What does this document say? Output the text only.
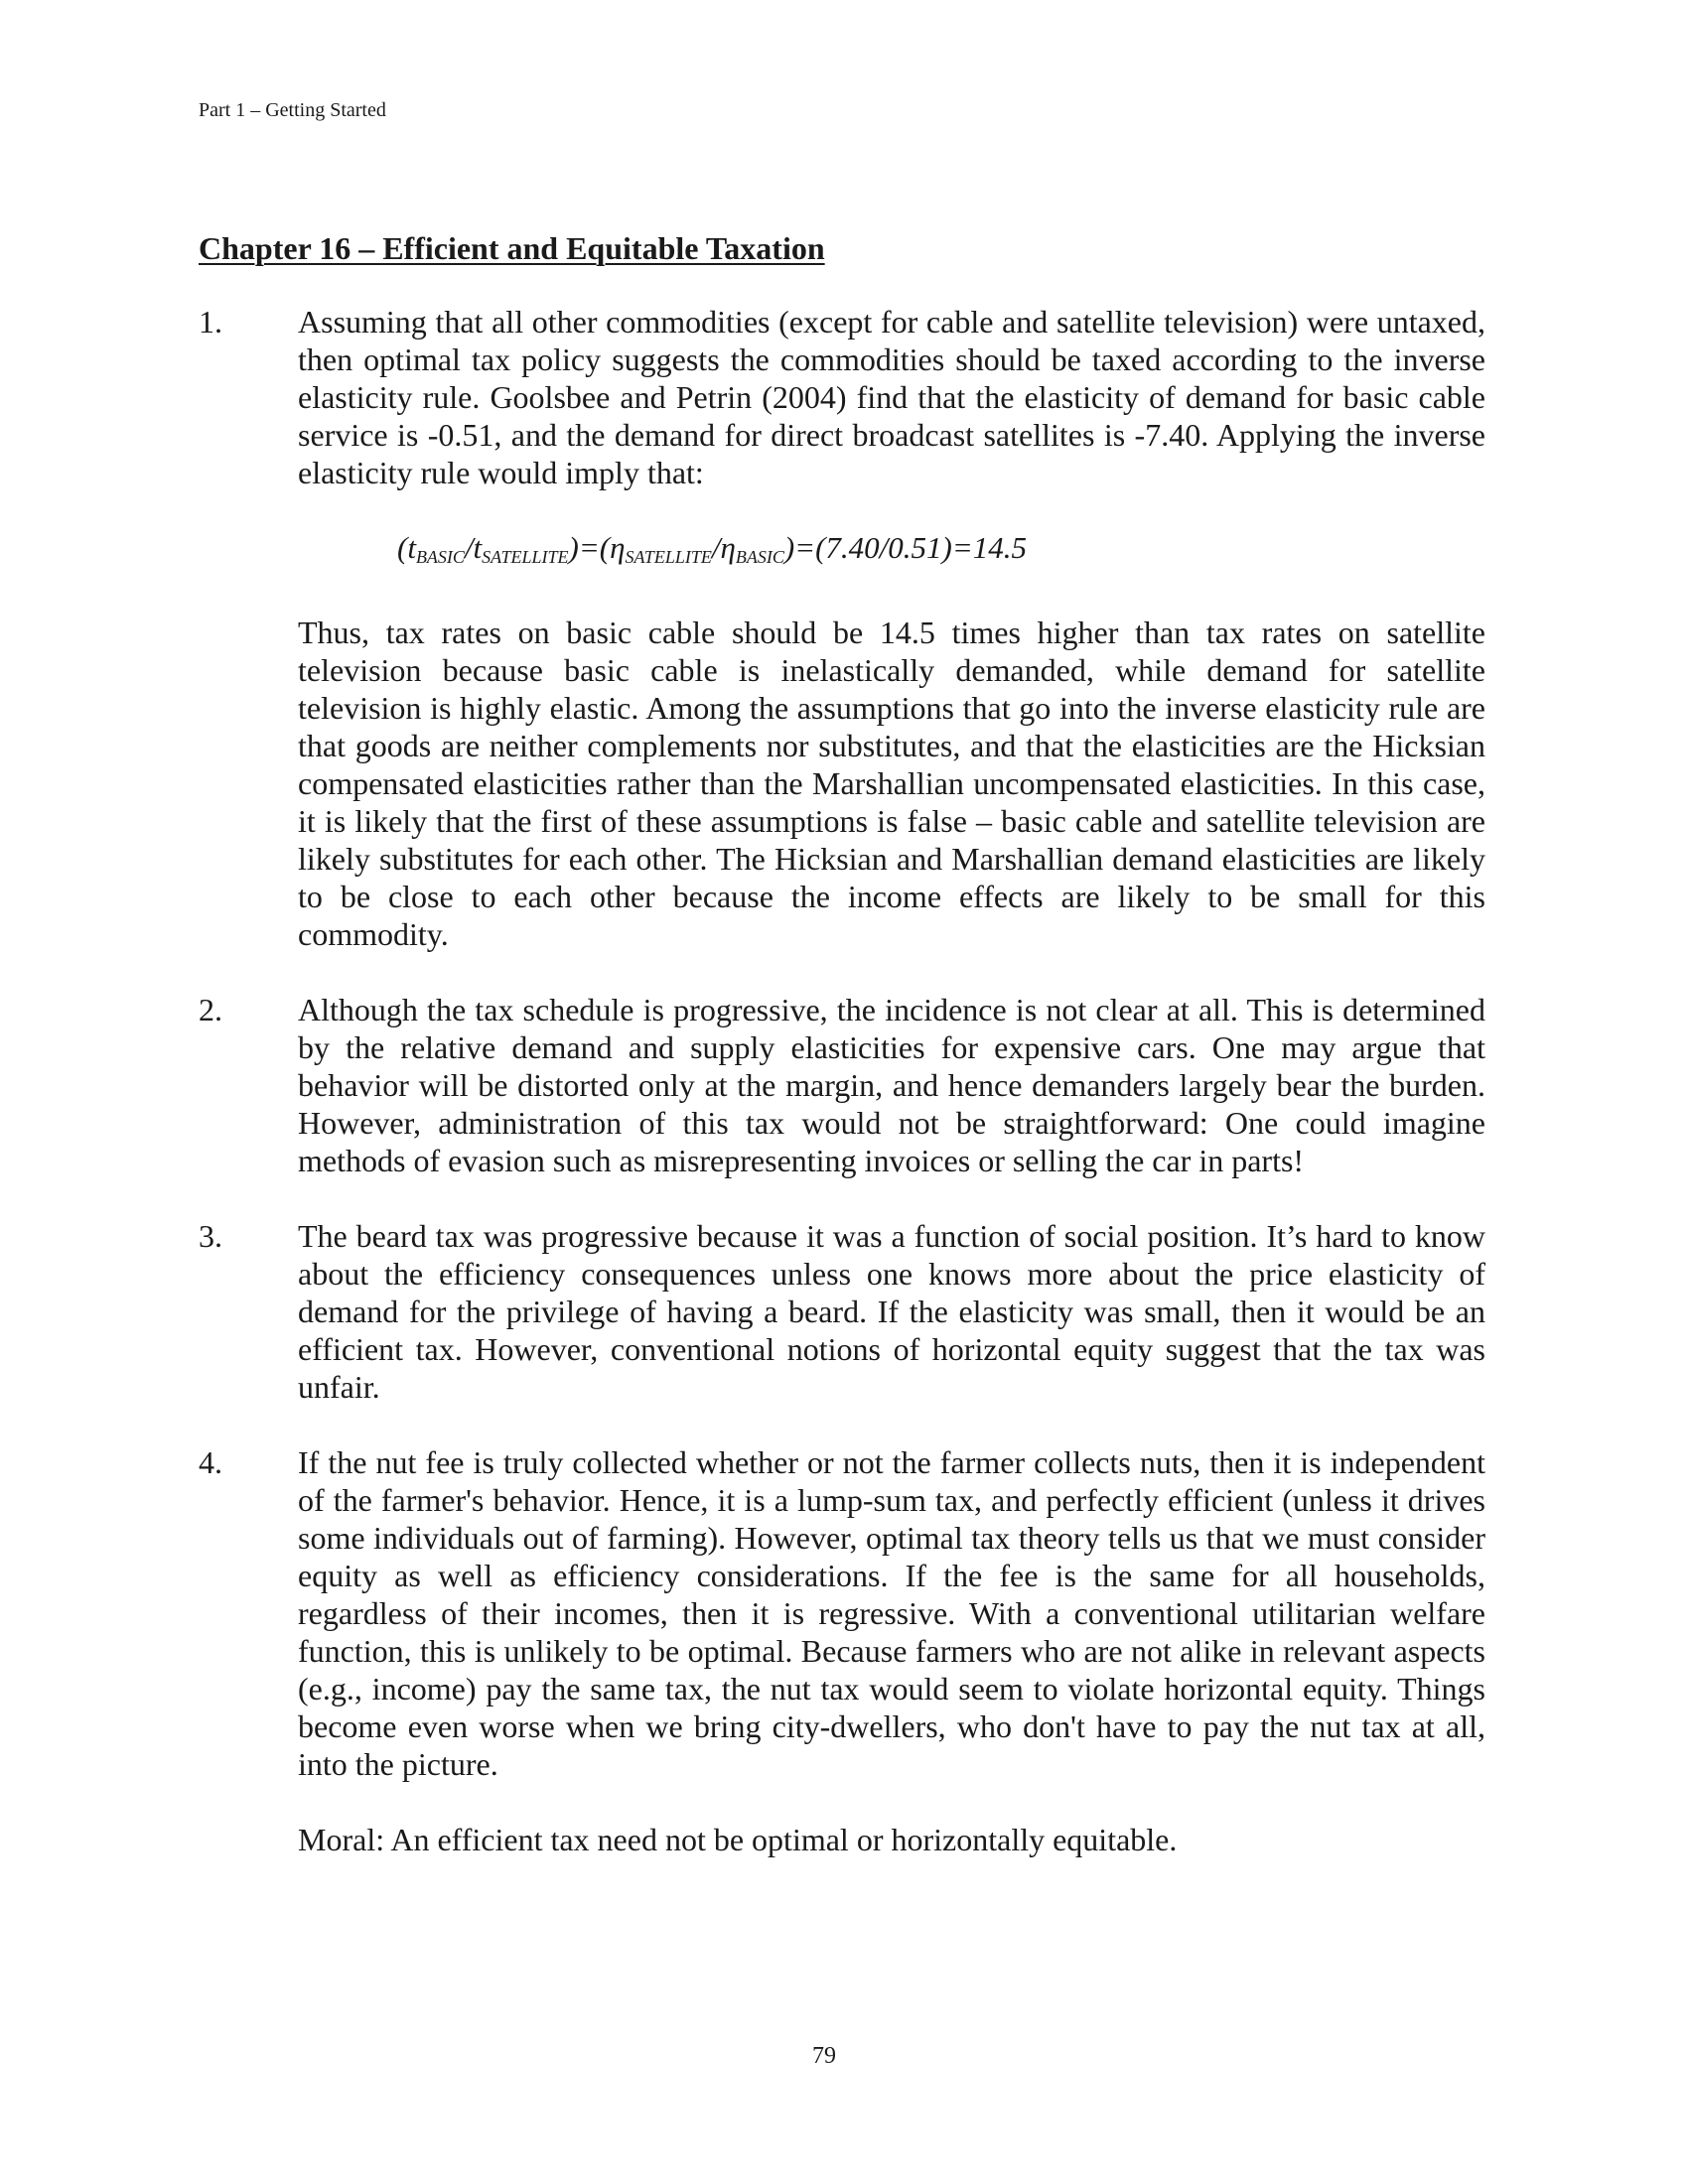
Part 1 – Getting Started
Chapter 16 – Efficient and Equitable Taxation
1. Assuming that all other commodities (except for cable and satellite television) were untaxed, then optimal tax policy suggests the commodities should be taxed according to the inverse elasticity rule. Goolsbee and Petrin (2004) find that the elasticity of demand for basic cable service is -0.51, and the demand for direct broadcast satellites is -7.40. Applying the inverse elasticity rule would imply that:

$(t_{BASIC}/t_{SATELLITE})=(\eta_{SATELLITE}/\eta_{BASIC})=(7.40/0.51)=14.5$

Thus, tax rates on basic cable should be 14.5 times higher than tax rates on satellite television because basic cable is inelastically demanded, while demand for satellite television is highly elastic. Among the assumptions that go into the inverse elasticity rule are that goods are neither complements nor substitutes, and that the elasticities are the Hicksian compensated elasticities rather than the Marshallian uncompensated elasticities. In this case, it is likely that the first of these assumptions is false – basic cable and satellite television are likely substitutes for each other. The Hicksian and Marshallian demand elasticities are likely to be close to each other because the income effects are likely to be small for this commodity.

2. Although the tax schedule is progressive, the incidence is not clear at all. This is determined by the relative demand and supply elasticities for expensive cars. One may argue that behavior will be distorted only at the margin, and hence demanders largely bear the burden. However, administration of this tax would not be straightforward: One could imagine methods of evasion such as misrepresenting invoices or selling the car in parts!

3. The beard tax was progressive because it was a function of social position. It’s hard to know about the efficiency consequences unless one knows more about the price elasticity of demand for the privilege of having a beard. If the elasticity was small, then it would be an efficient tax. However, conventional notions of horizontal equity suggest that the tax was unfair.

4. If the nut fee is truly collected whether or not the farmer collects nuts, then it is independent of the farmer's behavior. Hence, it is a lump-sum tax, and perfectly efficient (unless it drives some individuals out of farming). However, optimal tax theory tells us that we must consider equity as well as efficiency considerations. If the fee is the same for all households, regardless of their incomes, then it is regressive. With a conventional utilitarian welfare function, this is unlikely to be optimal. Because farmers who are not alike in relevant aspects (e.g., income) pay the same tax, the nut tax would seem to violate horizontal equity. Things become even worse when we bring city-dwellers, who don't have to pay the nut tax at all, into the picture.

Moral: An efficient tax need not be optimal or horizontally equitable.

79
